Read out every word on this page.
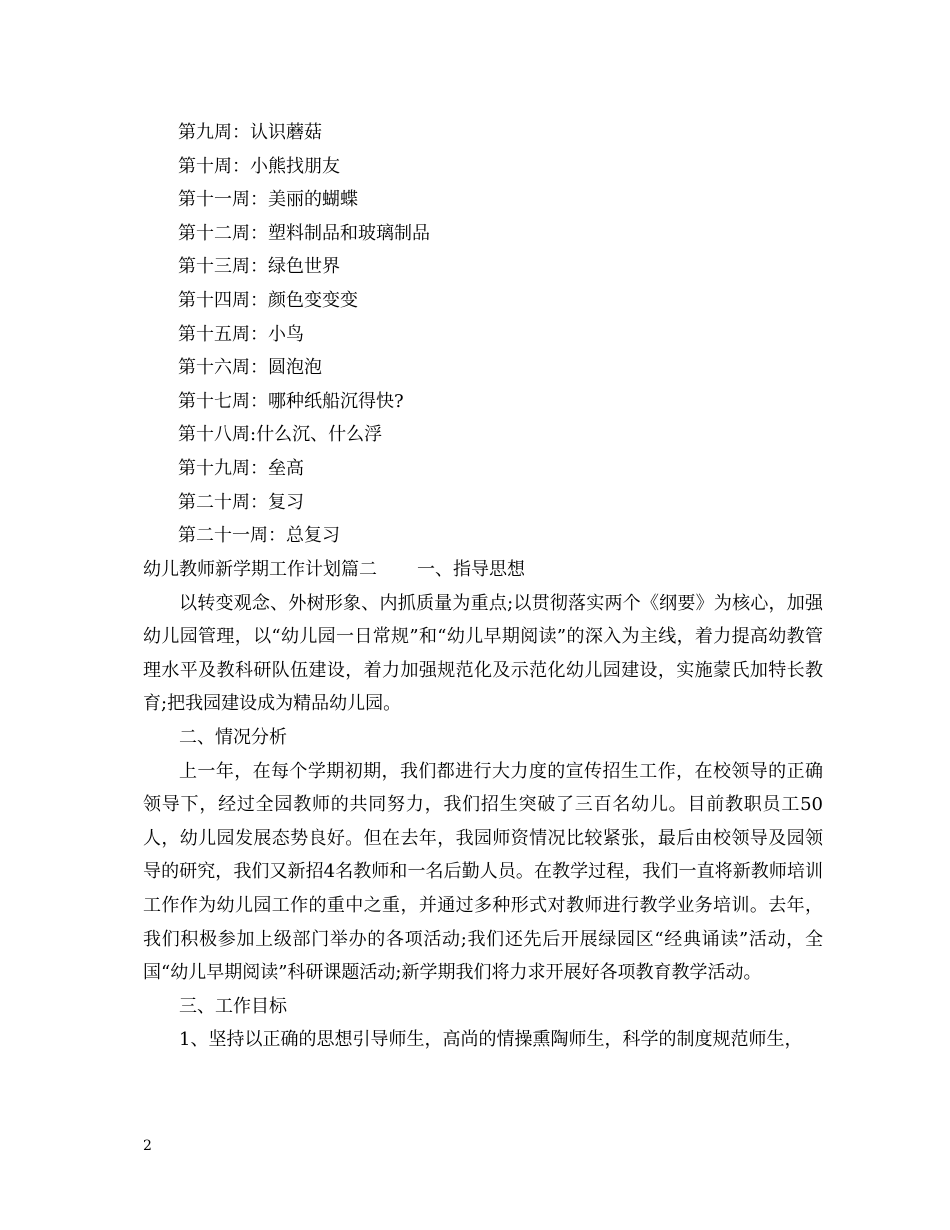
第九周：认识蘑菇
第十周：小熊找朋友
第十一周：美丽的蝴蝶
第十二周：塑料制品和玻璃制品
第十三周：绿色世界
第十四周：颜色变变变
第十五周：小鸟
第十六周：圆泡泡
第十七周：哪种纸船沉得快?
第十八周:什么沉、什么浮
第十九周：垒高
第二十周：复习
第二十一周：总复习
幼儿教师新学期工作计划篇二 一、指导思想

以转变观念、外树形象、内抓质量为重点;以贯彻落实两个《纲要》为核心，加强幼儿园管理，以“幼儿园一日常规”和“幼儿早期阅读”的深入为主线，着力提高幼教管理水平及教科研队伍建设，着力加强规范化及示范化幼儿园建设，实施蒙氏加特长教育;把我园建设成为精品幼儿园。

二、情况分析

上一年，在每个学期初期，我们都进行大力度的宣传招生工作，在校领导的正确领导下，经过全园教师的共同努力，我们招生突破了三百名幼儿。目前教职员工50人，幼儿园发展态势良好。但在去年，我园师资情况比较紧张，最后由校领导及园领导的研究，我们又新招4名教师和一名后勤人员。在教学过程，我们一直将新教师培训工作作为幼儿园工作的重中之重，并通过多种形式对教师进行教学业务培训。去年，我们积极参加上级部门举办的各项活动;我们还先后开展绿园区“经典诵读”活动，全国“幼儿早期阅读”科研课题活动;新学期我们将力求开展好各项教育教学活动。

三、工作目标

1、坚持以正确的思想引导师生，高尚的情操熏陶师生，科学的制度规范师生，

2
